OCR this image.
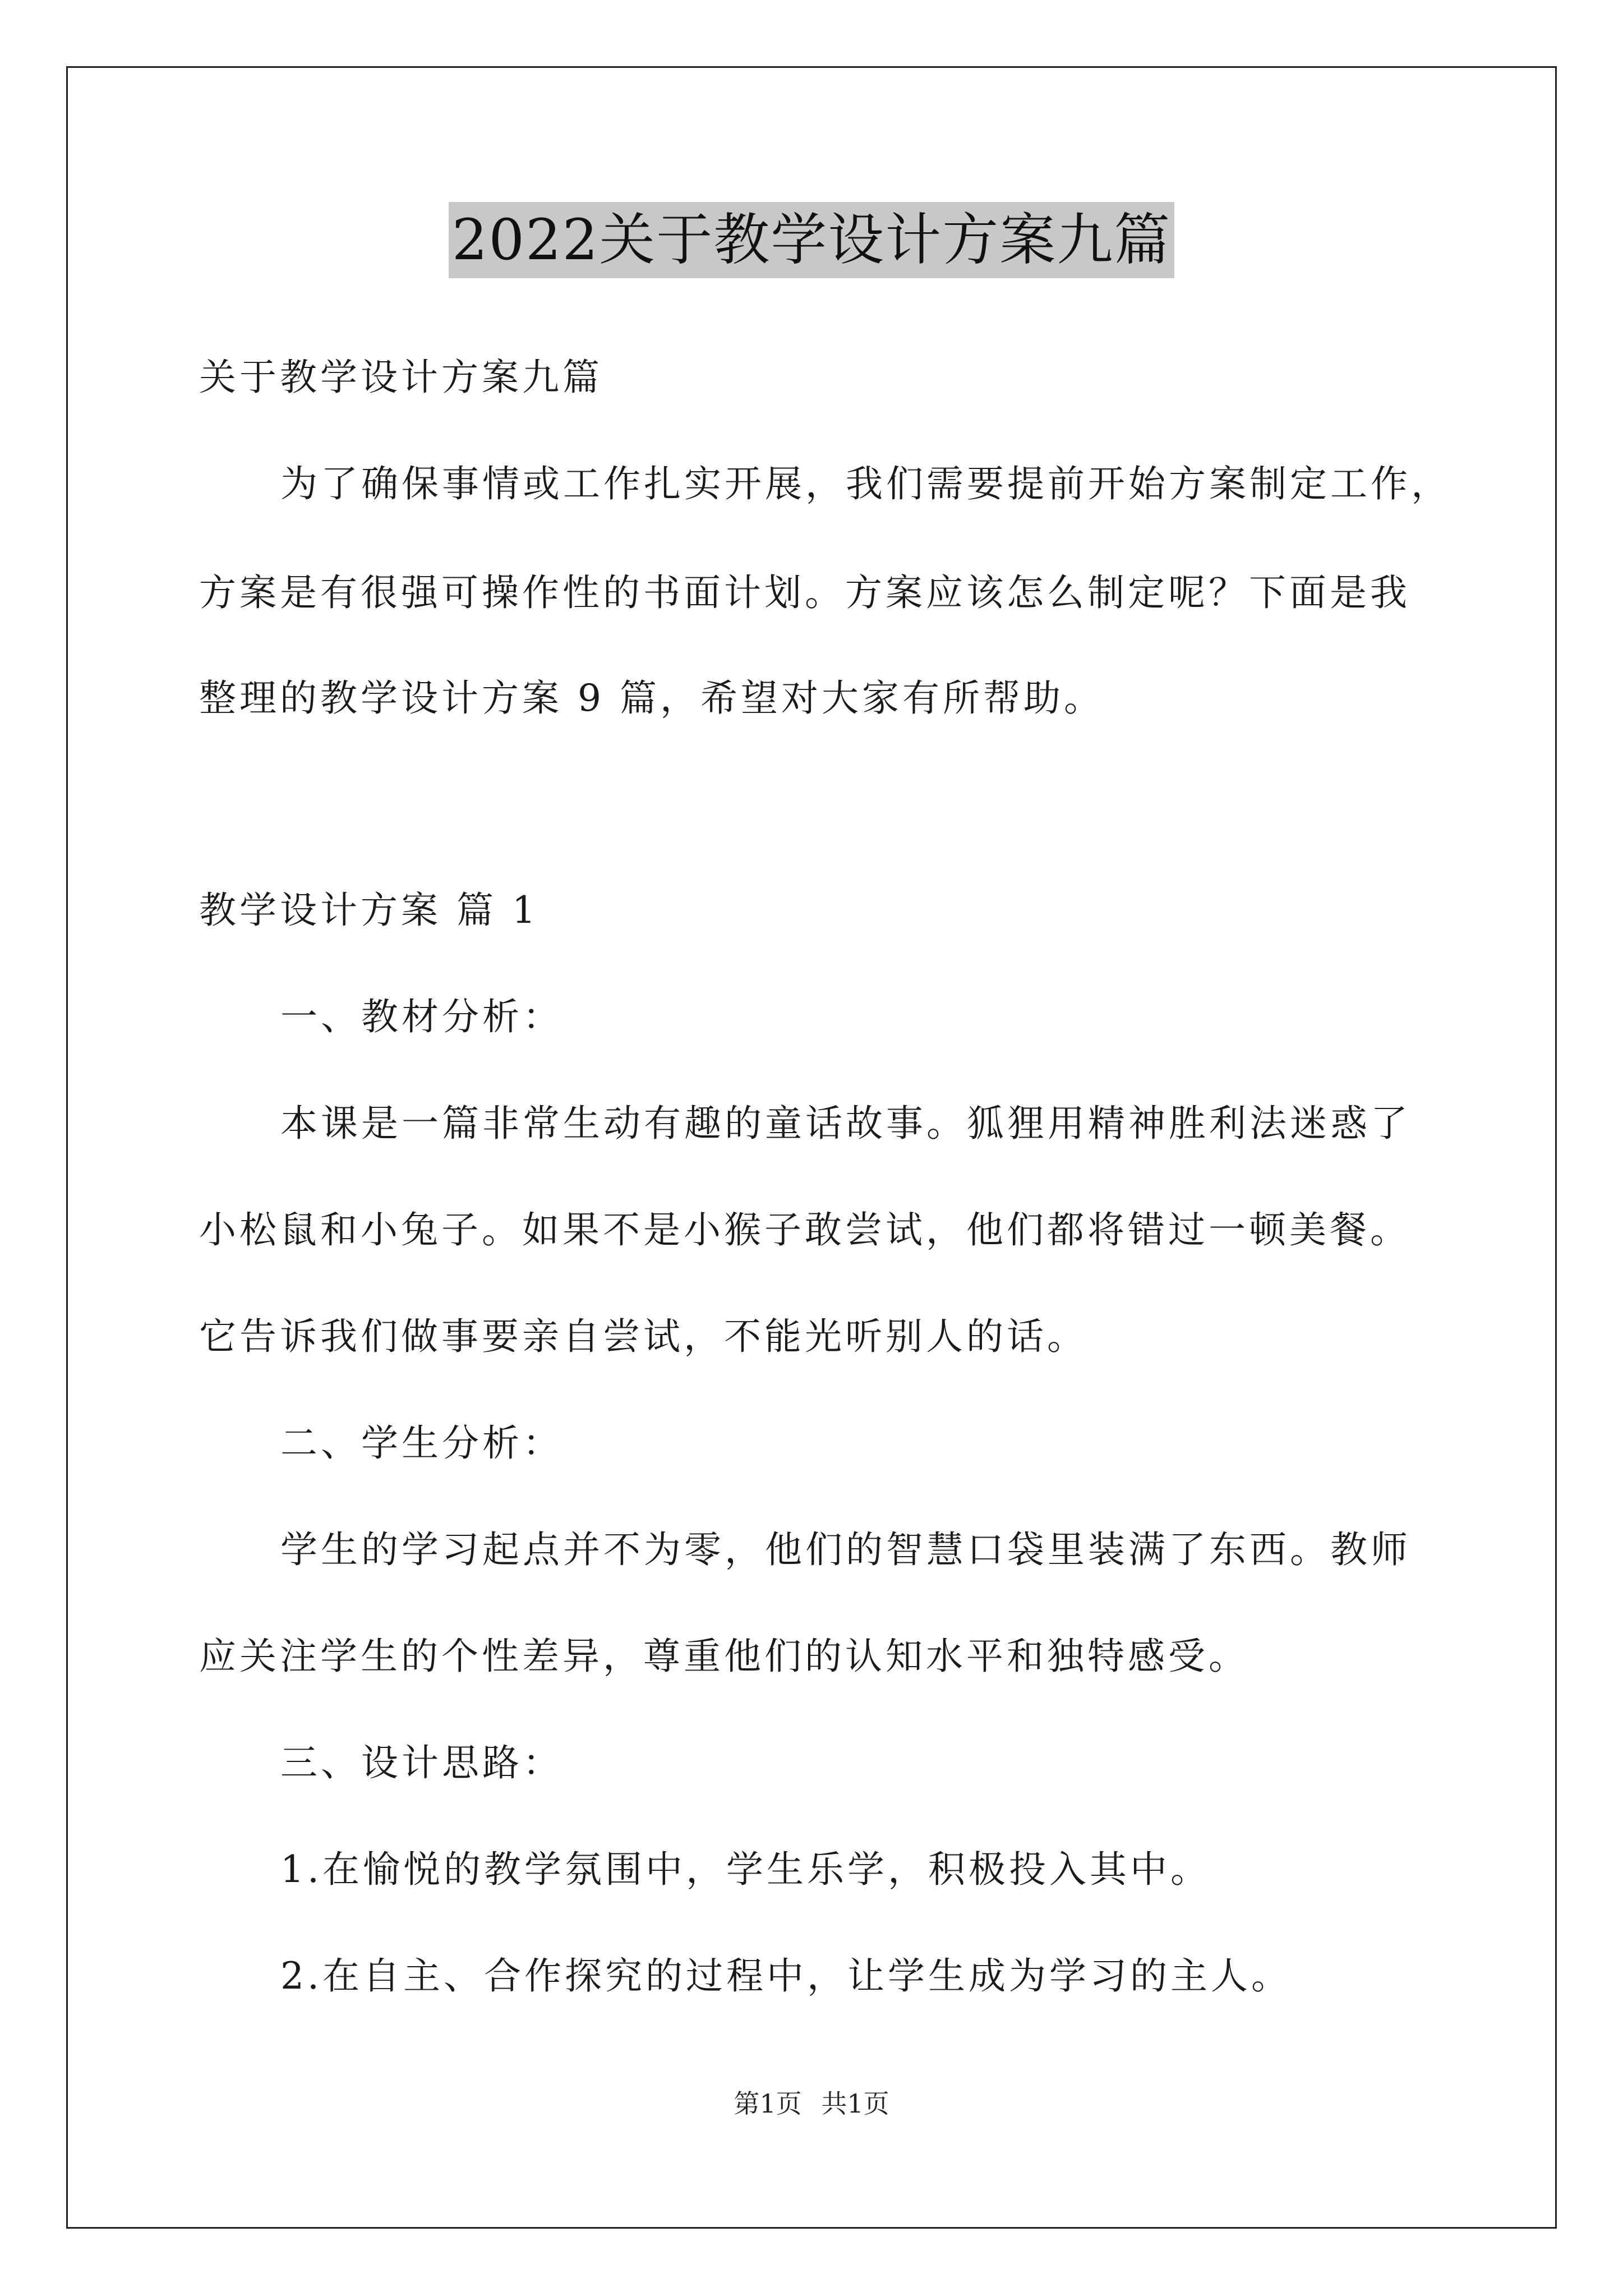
2022关于教学设计方案九篇
关于教学设计方案九篇
为了确保事情或工作扎实开展，我们需要提前开始方案制定工作，
方案是有很强可操作性的书面计划。方案应该怎么制定呢？下面是我
整理的教学设计方案 9 篇，希望对大家有所帮助。
教学设计方案 篇 1
一、教材分析：
本课是一篇非常生动有趣的童话故事。狐狸用精神胜利法迷惑了
小松鼠和小兔子。如果不是小猴子敢尝试，他们都将错过一顿美餐。
它告诉我们做事要亲自尝试，不能光听别人的话。
二、学生分析：
学生的学习起点并不为零，他们的智慧口袋里装满了东西。教师
应关注学生的个性差异，尊重他们的认知水平和独特感受。
三、设计思路：
1.在愉悦的教学氛围中，学生乐学，积极投入其中。
2.在自主、合作探究的过程中，让学生成为学习的主人。
第1页 共1页
